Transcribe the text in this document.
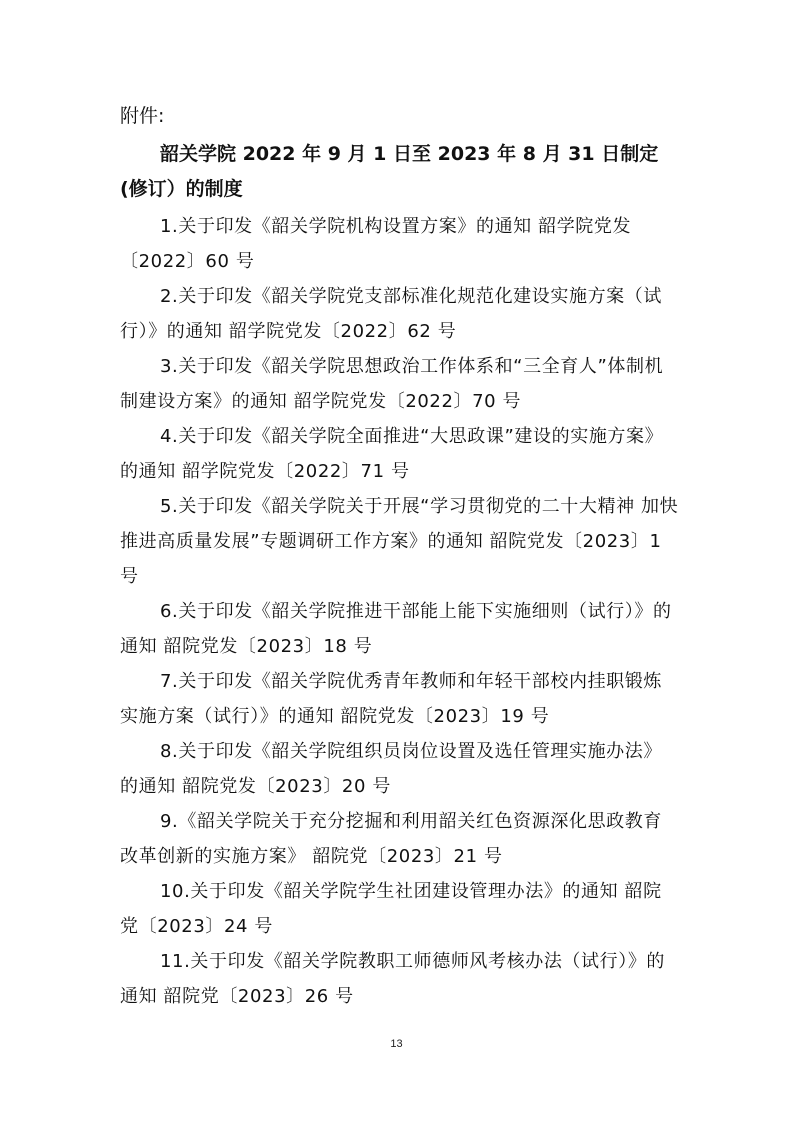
附件:
韶关学院 2022 年 9 月 1 日至 2023 年 8 月 31 日制定(修订）的制度
1.关于印发《韶关学院机构设置方案》的通知 韶学院党发〔2022〕60 号
2.关于印发《韶关学院党支部标准化规范化建设实施方案（试行）》的通知 韶学院党发〔2022〕62 号
3.关于印发《韶关学院思想政治工作体系和“三全育人”体制机制建设方案》的通知 韶学院党发〔2022〕70 号
4.关于印发《韶关学院全面推进“大思政课”建设的实施方案》的通知 韶学院党发〔2022〕71 号
5.关于印发《韶关学院关于开展“学习贯彻党的二十大精神 加快推进高质量发展”专题调研工作方案》的通知 韶院党发〔2023〕1 号
6.关于印发《韶关学院推进干部能上能下实施细则（试行）》的通知 韶院党发〔2023〕18 号
7.关于印发《韶关学院优秀青年教师和年轻干部校内挂职锻炼实施方案（试行）》的通知 韶院党发〔2023〕19 号
8.关于印发《韶关学院组织员岗位设置及选任管理实施办法》的通知 韶院党发〔2023〕20 号
9.《韶关学院关于充分挖掘和利用韶关红色资源深化思政教育改革创新的实施方案》 韶院党〔2023〕21 号
10.关于印发《韶关学院学生社团建设管理办法》的通知 韶院党〔2023〕24 号
11.关于印发《韶关学院教职工师德师风考核办法（试行）》的通知 韶院党〔2023〕26 号
13
